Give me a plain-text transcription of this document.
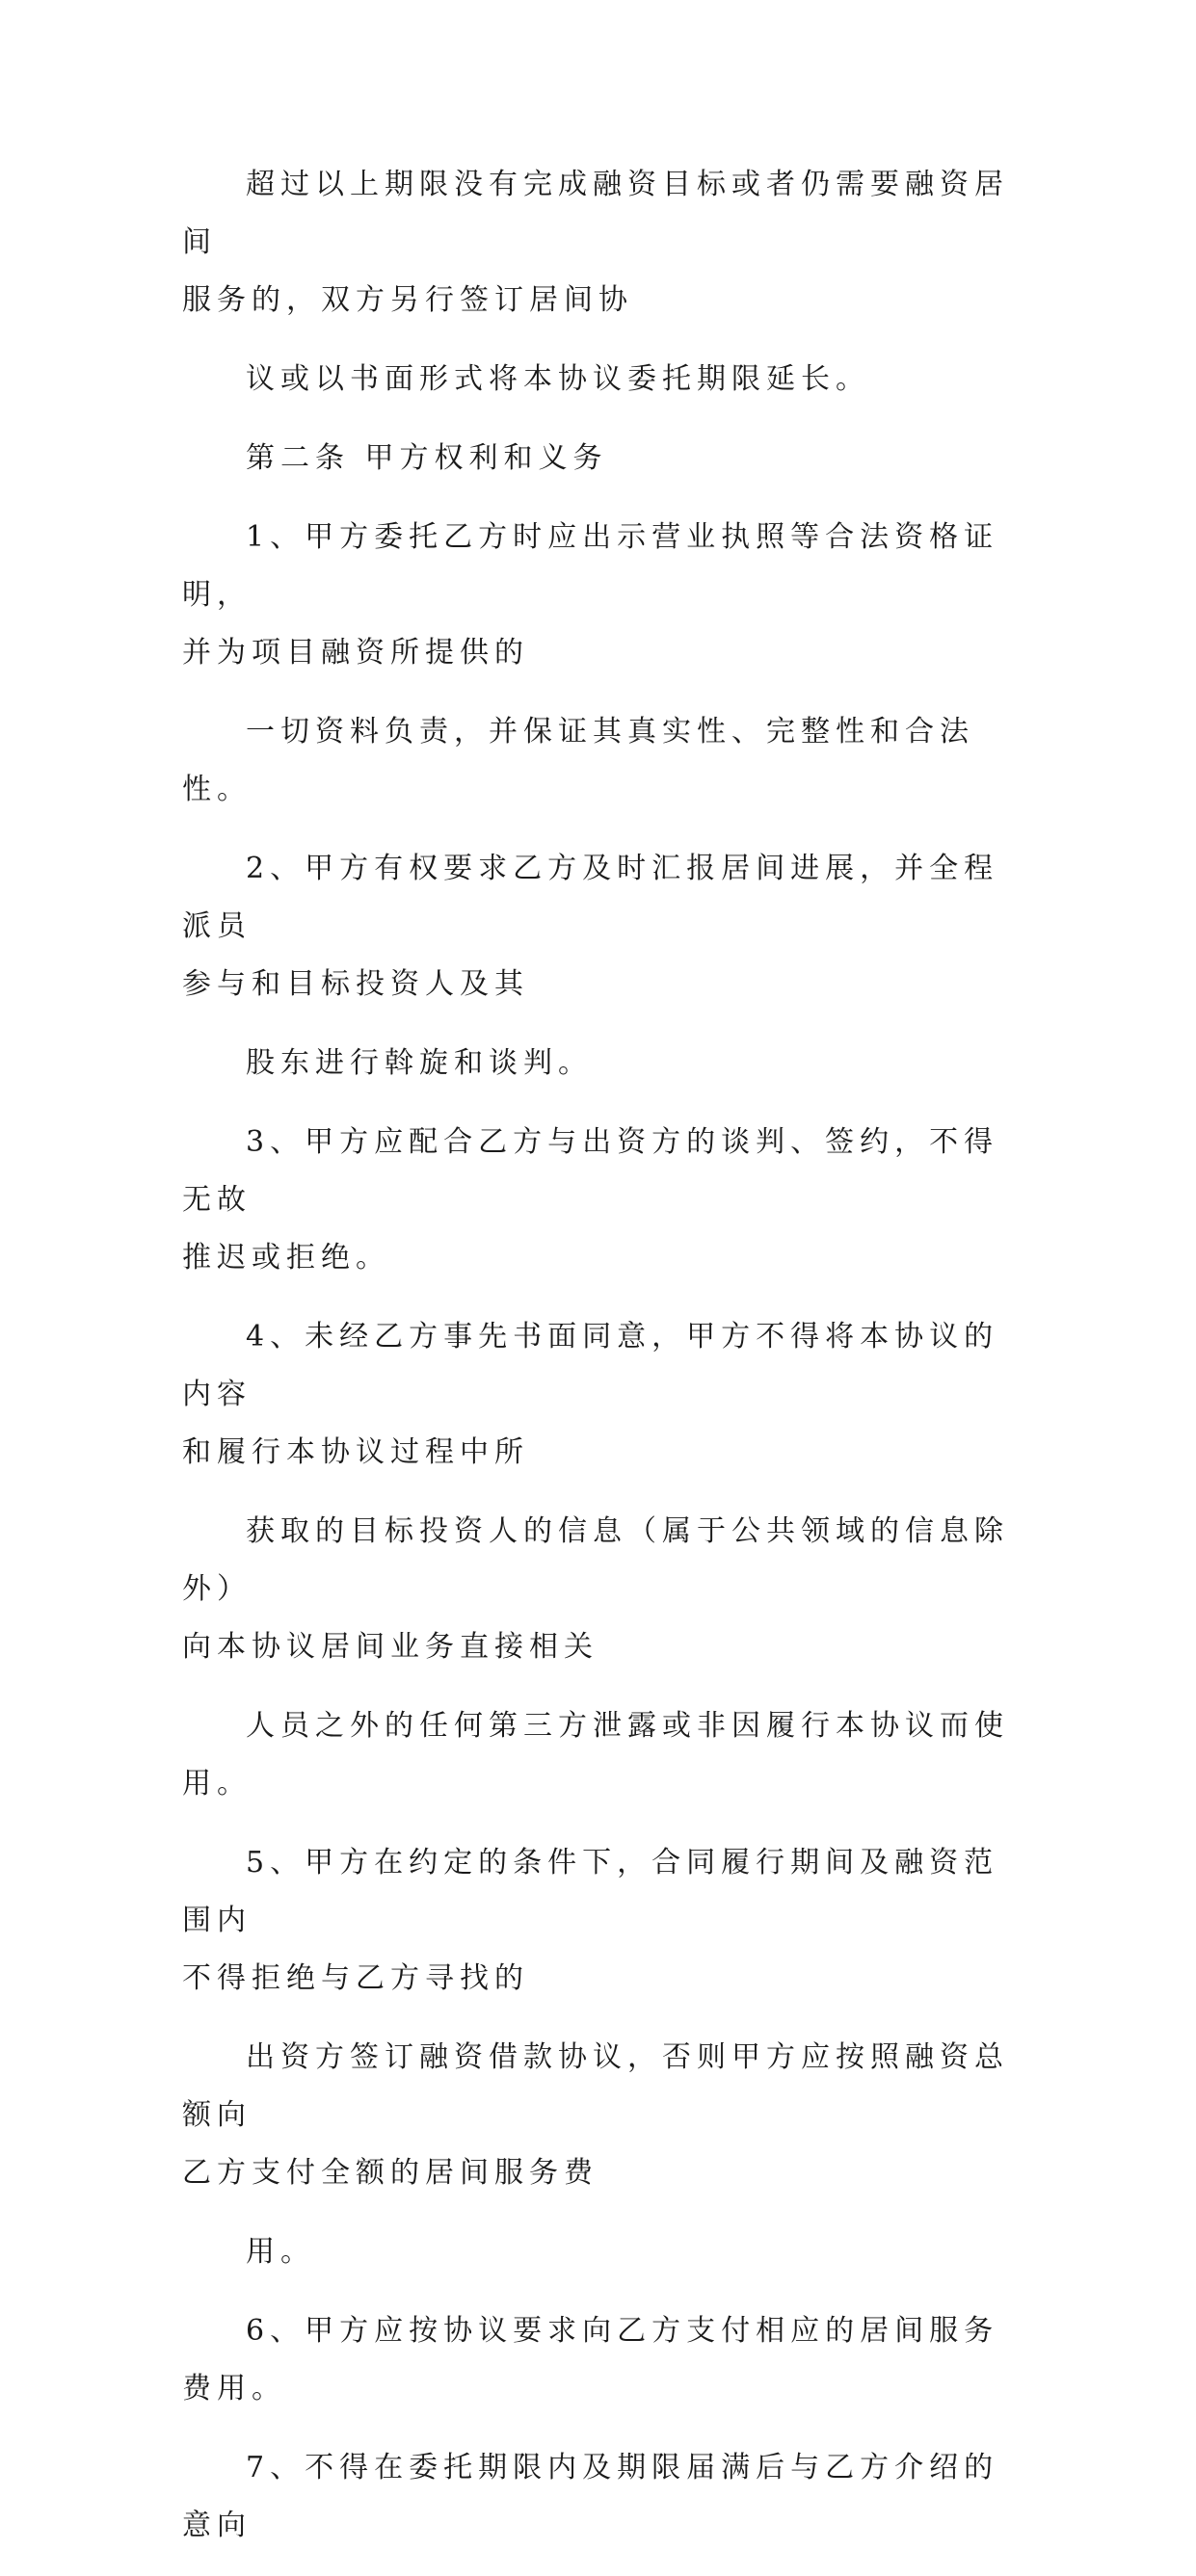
超过以上期限没有完成融资目标或者仍需要融资居间
服务的，双方另行签订居间协

议或以书面形式将本协议委托期限延长。

第二条 甲方权利和义务

1、甲方委托乙方时应出示营业执照等合法资格证明，
并为项目融资所提供的

一切资料负责，并保证其真实性、完整性和合法性。

2、甲方有权要求乙方及时汇报居间进展，并全程派员
参与和目标投资人及其

股东进行斡旋和谈判。

3、甲方应配合乙方与出资方的谈判、签约，不得无故
推迟或拒绝。

4、未经乙方事先书面同意，甲方不得将本协议的内容
和履行本协议过程中所

获取的目标投资人的信息（属于公共领域的信息除外）
向本协议居间业务直接相关

人员之外的任何第三方泄露或非因履行本协议而使用。

5、甲方在约定的条件下，合同履行期间及融资范围内
不得拒绝与乙方寻找的

出资方签订融资借款协议，否则甲方应按照融资总额向
乙方支付全额的居间服务费

用。

6、甲方应按协议要求向乙方支付相应的居间服务费用。

7、不得在委托期限内及期限届满后与乙方介绍的意向
